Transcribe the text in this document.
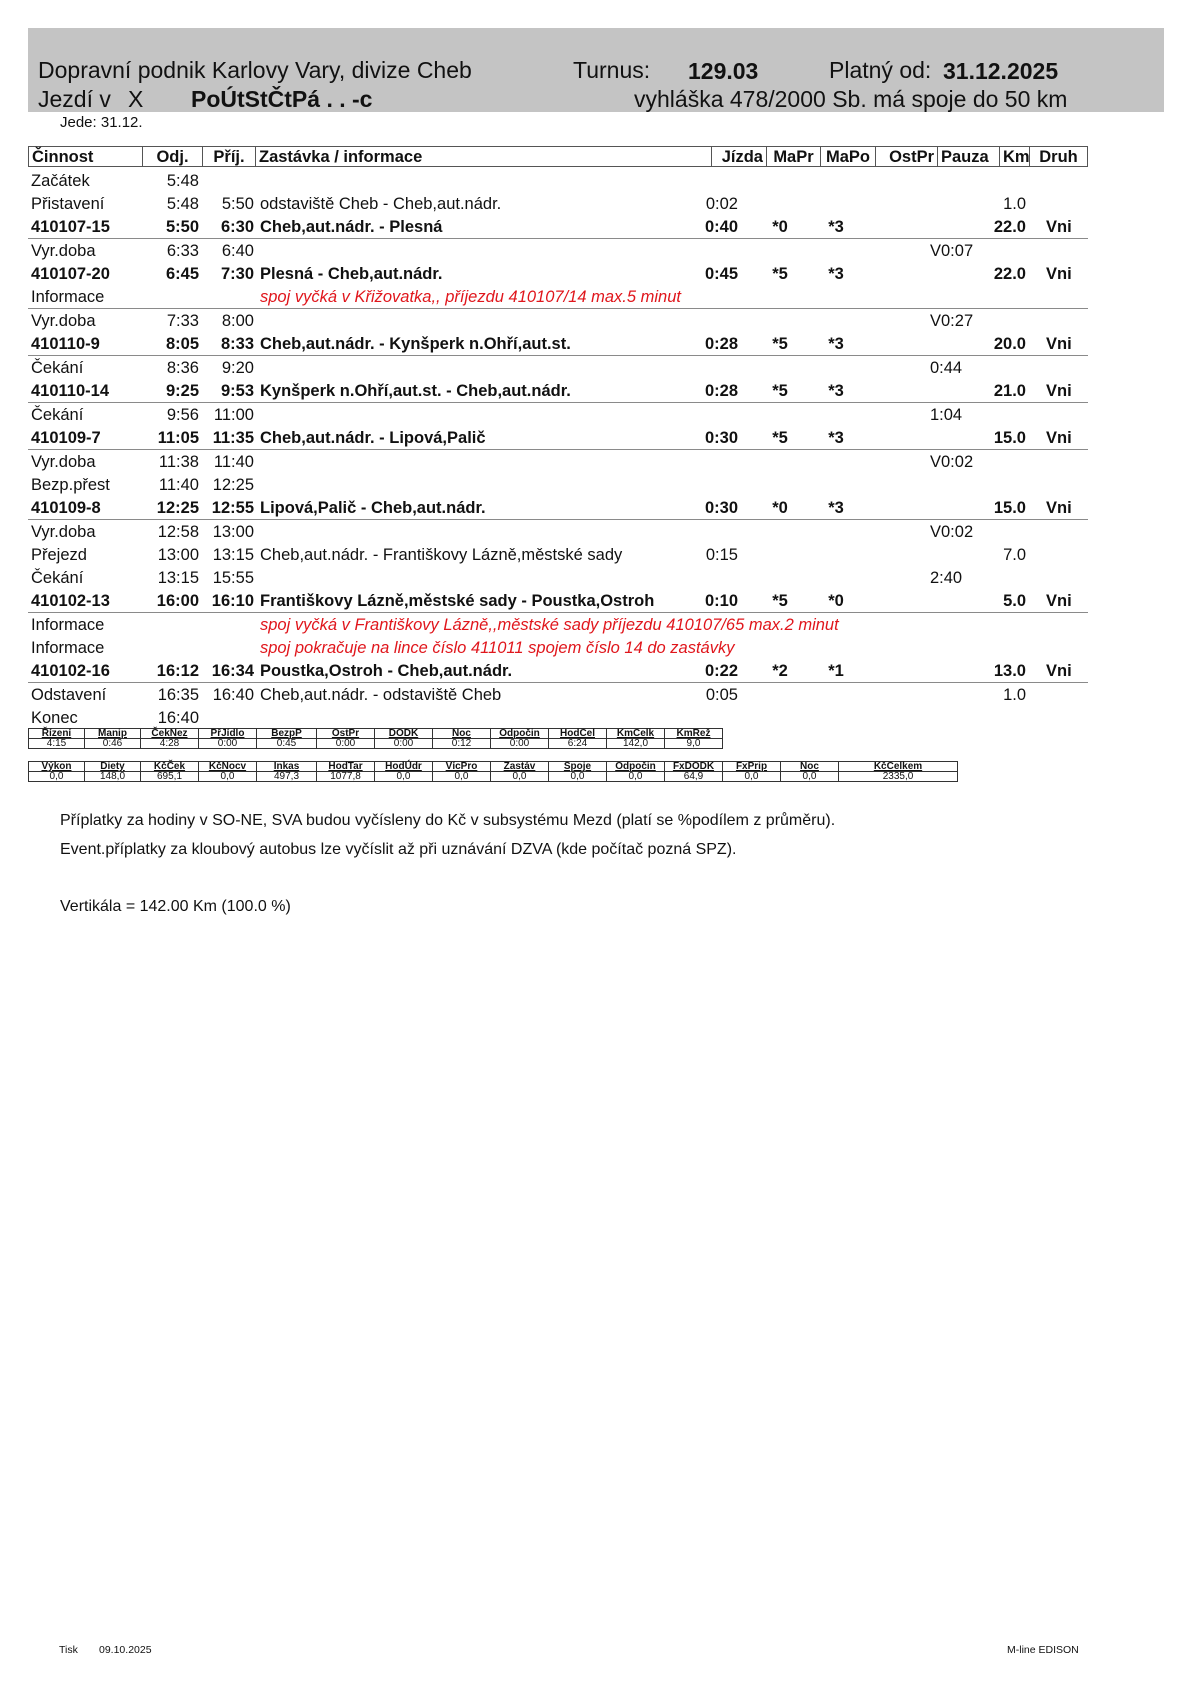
Dopravní podnik Karlovy Vary, divize Cheb	Turnus: 129.03	Platný od: 31.12.2025
Jezdí v X PoÚtStČtPá . . -c	vyhláška 478/2000 Sb. má spoje do 50 km
Jede: 31.12.
Činnost	Odj.	Příj. Zastávka / informace	Jízda MaPr MaPo	OstPr Pauza Km Druh
Začátek	5:48
Přistavení	5:48 5:50 odstaviště Cheb - Cheb,aut.nádr.	0:02	1.0
410107-15	5:50 6:30 Cheb,aut.nádr. - Plesná	0:40 *0 *3	22.0 Vni
Vyr.doba	6:33 6:40	V0:07
410107-20	6:45 7:30 Plesná - Cheb,aut.nádr.	0:45 *5 *3	22.0 Vni
Informace	spoj vyčká v Křižovatka,, příjezdu 410107/14 max.5 minut
Vyr.doba	7:33 8:00	V0:27
410110-9	8:05 8:33 Cheb,aut.nádr. - Kynšperk n.Ohří,aut.st.	0:28 *5 *3	20.0 Vni
Čekání	8:36 9:20	0:44
410110-14	9:25 9:53 Kynšperk n.Ohří,aut.st. - Cheb,aut.nádr.	0:28 *5 *3	21.0 Vni
Čekání	9:56 11:00	1:04
410109-7	11:05 11:35 Cheb,aut.nádr. - Lipová,Palič	0:30 *5 *3	15.0 Vni
Vyr.doba	11:38 11:40	V0:02
Bezp.přest	11:40 12:25
410109-8	12:25 12:55 Lipová,Palič - Cheb,aut.nádr.	0:30 *0 *3	15.0 Vni
Vyr.doba	12:58 13:00	V0:02
Přejezd	13:00 13:15 Cheb,aut.nádr. - Františkovy Lázně,městské sady	0:15	7.0
Čekání	13:15 15:55	2:40
410102-13	16:00 16:10 Františkovy Lázně,městské sady - Poustka,Ostroh	0:10 *5 *0	5.0 Vni
Informace	spoj vyčká v Františkovy Lázně,,městské sady příjezdu 410107/65 max.2 minut
Informace	spoj pokračuje na lince číslo 411011 spojem číslo 14 do zastávky
410102-16	16:12 16:34 Poustka,Ostroh - Cheb,aut.nádr.	0:22 *2 *1	13.0 Vni
Odstavení	16:35 16:40 Cheb,aut.nádr. - odstaviště Cheb	0:05	1.0
Konec	16:40
Řízení	Manip	ČekNez	PřJídlo	BezpP	OstPr	DODK	Noc	Odpočin	HodCel	KmCelk	KmRež
4:15	0:46	4:28	0:00	0:45	0:00	0:00	0:12	0:00	6:24	142,0	9,0
Výkon	Diety	KčČek	KčNocv	Inkas	HodTar	HodÚdr	VícPro	Zastáv	Spoje	Odpočin	FxDODK	FxPrip	Noc	KčCelkem
0,0	148,0	695,1	0,0	497,3	1077,8	0,0	0,0	0,0	0,0	0,0	64,9	0,0	0,0	2335,0
Příplatky za hodiny v SO-NE, SVA budou vyčísleny do Kč v subsystému Mezd (platí se %podílem z průměru).
Event.příplatky za kloubový autobus lze vyčíslit až při uznávání DZVA (kde počítač pozná SPZ).
Vertikála = 142.00 Km (100.0 %)
Tisk 09.10.2025	M-line EDISON
